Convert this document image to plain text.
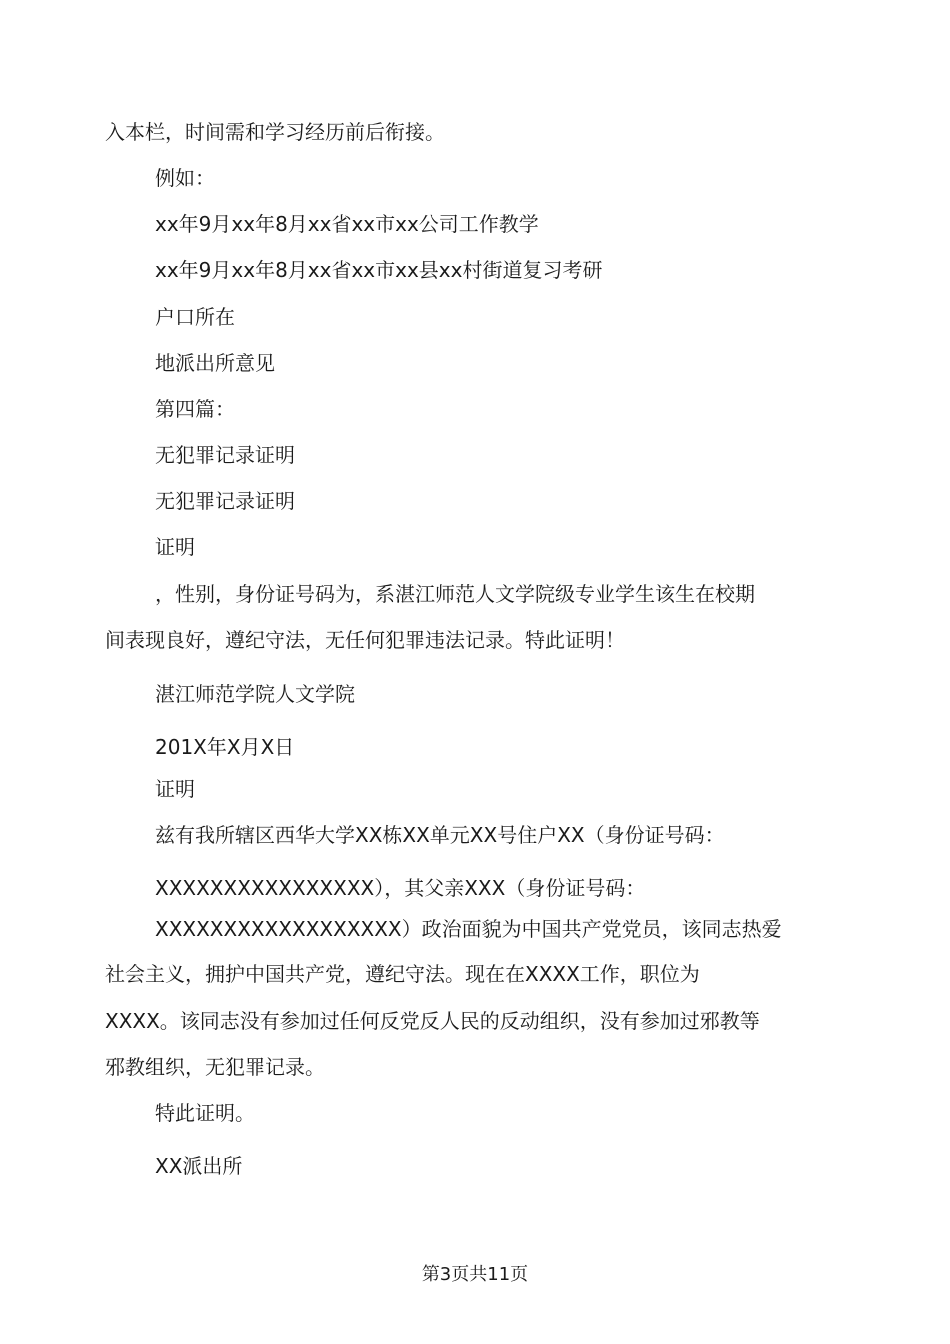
入本栏，时间需和学习经历前后衔接。

例如：

xx年9月xx年8月xx省xx市xx公司工作教学

xx年9月xx年8月xx省xx市xx县xx村街道复习考研

户口所在

地派出所意见

第四篇：

无犯罪记录证明

无犯罪记录证明

证明

，性别，身份证号码为，系湛江师范人文学院级专业学生该生在校期

间表现良好，遵纪守法，无任何犯罪违法记录。特此证明！

湛江师范学院人文学院

201X年X月X日

证明

兹有我所辖区西华大学XX栋XX单元XX号住户XX（身份证号码：

XXXXXXXXXXXXXXXX），其父亲XXX（身份证号码：

XXXXXXXXXXXXXXXXXX）政治面貌为中国共产党党员，该同志热爱

社会主义，拥护中国共产党，遵纪守法。现在在XXXX工作，职位为

XXXX。该同志没有参加过任何反党反人民的反动组织，没有参加过邪教等

邪教组织，无犯罪记录。

特此证明。

XX派出所

第3页共11页
